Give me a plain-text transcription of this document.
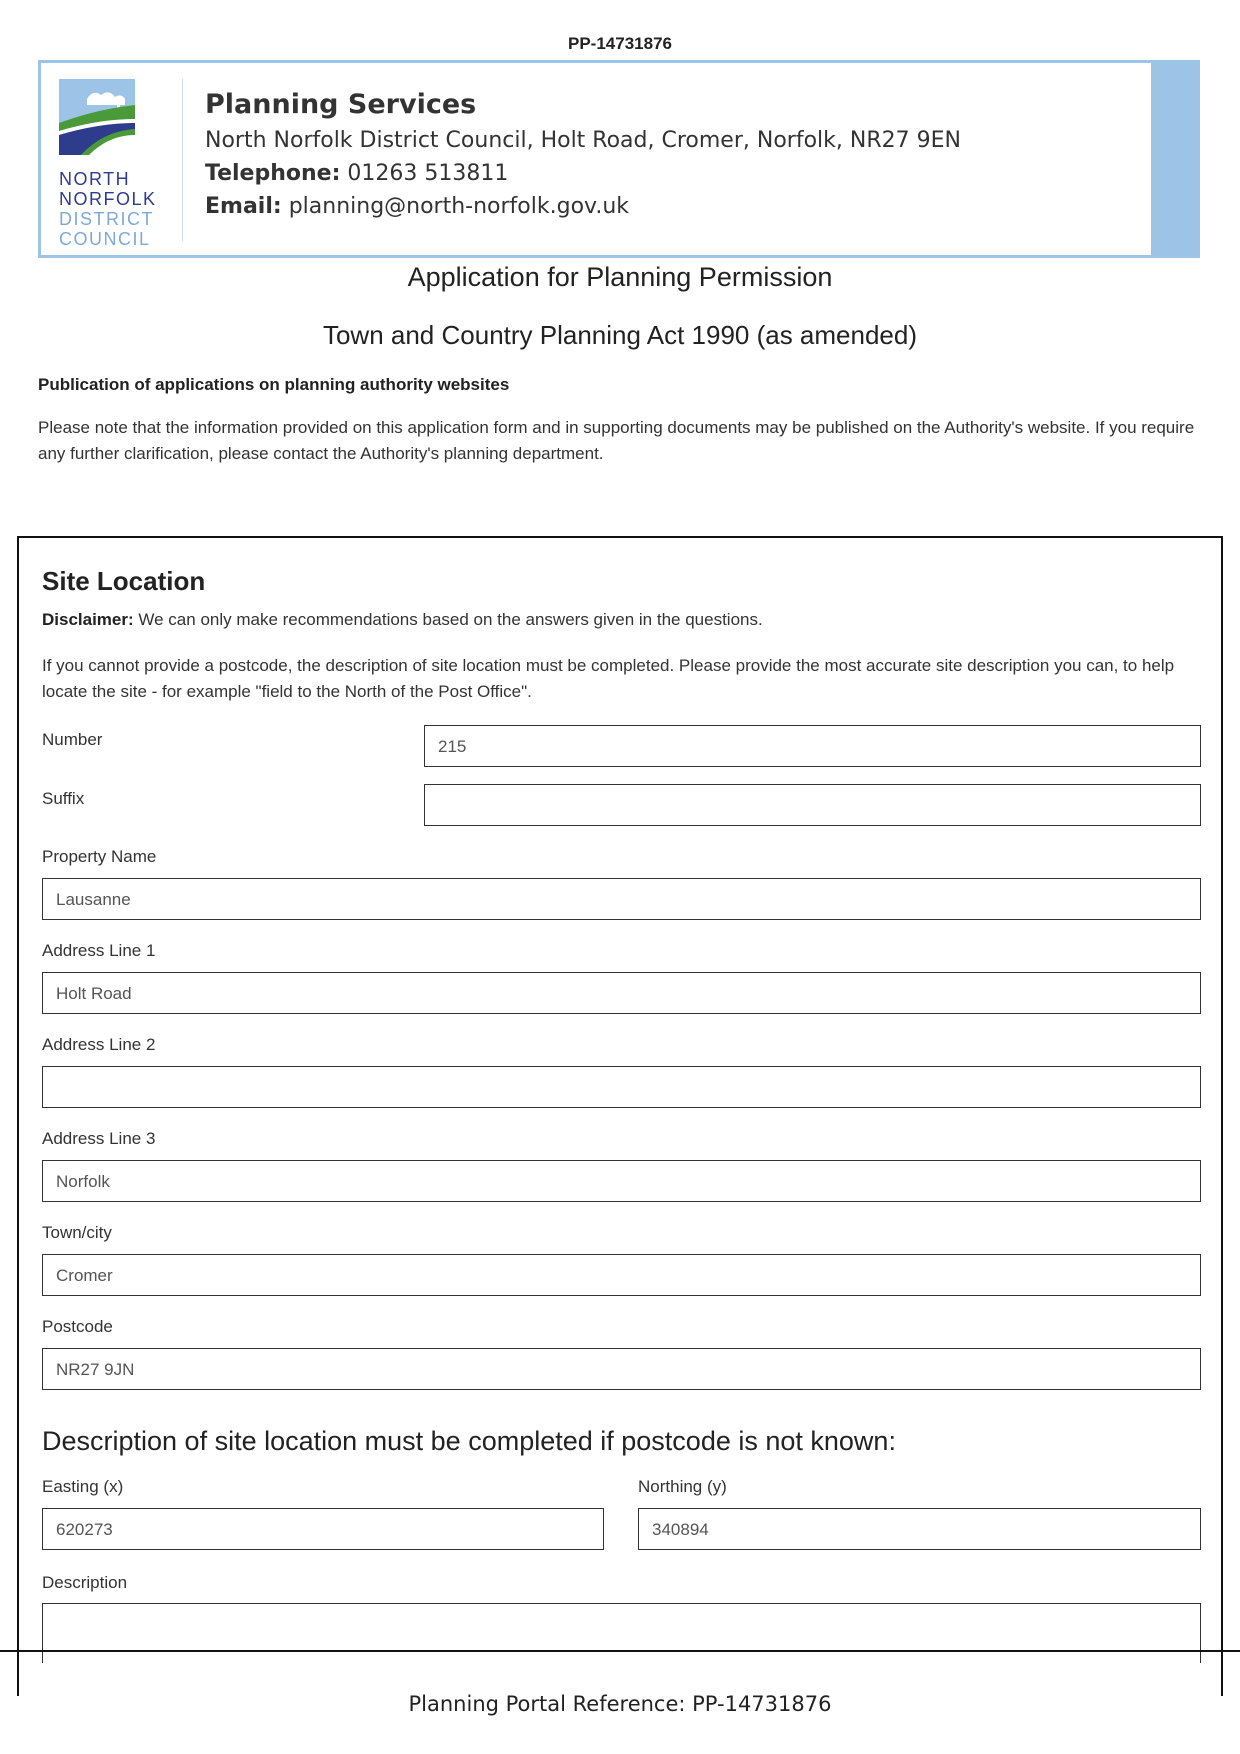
PP-14731876
NORTH
NORFOLK
DISTRICT
COUNCIL
Planning Services
North Norfolk District Council, Holt Road, Cromer, Norfolk, NR27 9EN
Telephone: 01263 513811
Email: planning@north-norfolk.gov.uk
Application for Planning Permission
Town and Country Planning Act 1990 (as amended)
Publication of applications on planning authority websites
Please note that the information provided on this application form and in supporting documents may be published on the Authority's website. If you require any further clarification, please contact the Authority's planning department.
Site Location
Disclaimer: We can only make recommendations based on the answers given in the questions.
If you cannot provide a postcode, the description of site location must be completed. Please provide the most accurate site description you can, to help locate the site - for example "field to the North of the Post Office".
Number	215
Suffix
Property Name
Lausanne
Address Line 1
Holt Road
Address Line 2
Address Line 3
Norfolk
Town/city
Cromer
Postcode
NR27 9JN
Description of site location must be completed if postcode is not known:
Easting (x)
620273
Northing (y)
340894
Description
Planning Portal Reference: PP-14731876
